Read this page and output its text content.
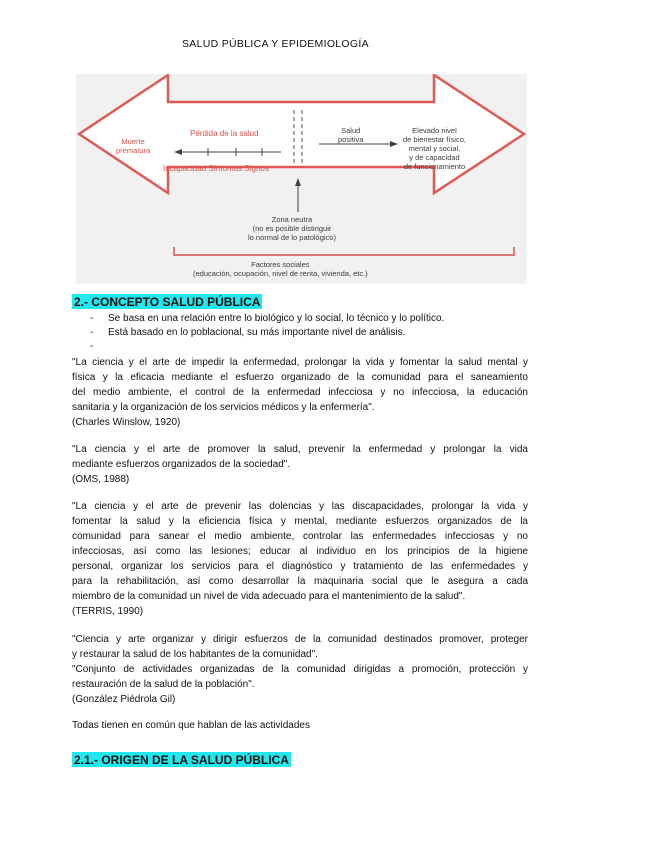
SALUD PÚBLICA Y EPIDEMIOLOGÍA
Muerte
prematura
Pérdida de la salud
Incapacidad Síntomas Signos
Salud
positiva
Elevado nivel
de bienestar físico,
mental y social,
y de capacidad
de funcionamiento
Zona neutra
(no es posible distinguir
lo normal de lo patológico)
Factores sociales
(educación, ocupación, nivel de renta, vivienda, etc.)
2.- CONCEPTO SALUD PÚBLICA
- Se basa en una relación entre lo biológico y lo social, lo técnico y lo político.
- Está basado en lo poblacional, su más importante nivel de análisis.
-
"La ciencia y el arte de impedir la enfermedad, prolongar la vida y fomentar la salud mental y
física y la eficacia mediante el esfuerzo organizado de la comunidad para el saneamiento
del medio ambiente, el control de la enfermedad infecciosa y no infecciosa, la educación
sanitaria y la organización de los servicios médicos y la enfermería".
(Charles Winslow, 1920)
"La ciencia y el arte de promover la salud, prevenir la enfermedad y prolongar la vida
mediante esfuerzos organizados de la sociedad".
(OMS, 1988)
"La ciencia y el arte de prevenir las dolencias y las discapacidades, prolongar la vida y
fomentar la salud y la eficiencia física y mental, mediante esfuerzos organizados de la
comunidad para sanear el medio ambiente, controlar las enfermedades infecciosas y no
infecciosas, así como las lesiones; educar al individuo en los principios de la higiene
personal, organizar los servicios para el diagnóstico y tratamiento de las enfermedades y
para la rehabilitación, así como desarrollar la maquinaria social que le asegura a cada
miembro de la comunidad un nivel de vida adecuado para el mantenimiento de la salud".
(TERRIS, 1990)
"Ciencia y arte organizar y dirigir esfuerzos de la comunidad destinados promover, proteger
y restaurar la salud de los habitantes de la comunidad".
"Conjunto de actividades organizadas de la comunidad dirigidas a promoción, protección y
restauración de la salud de la población".
(González Piédrola Gil)
Todas tienen en común que hablan de las actividades
2.1.- ORIGEN DE LA SALUD PÚBLICA
